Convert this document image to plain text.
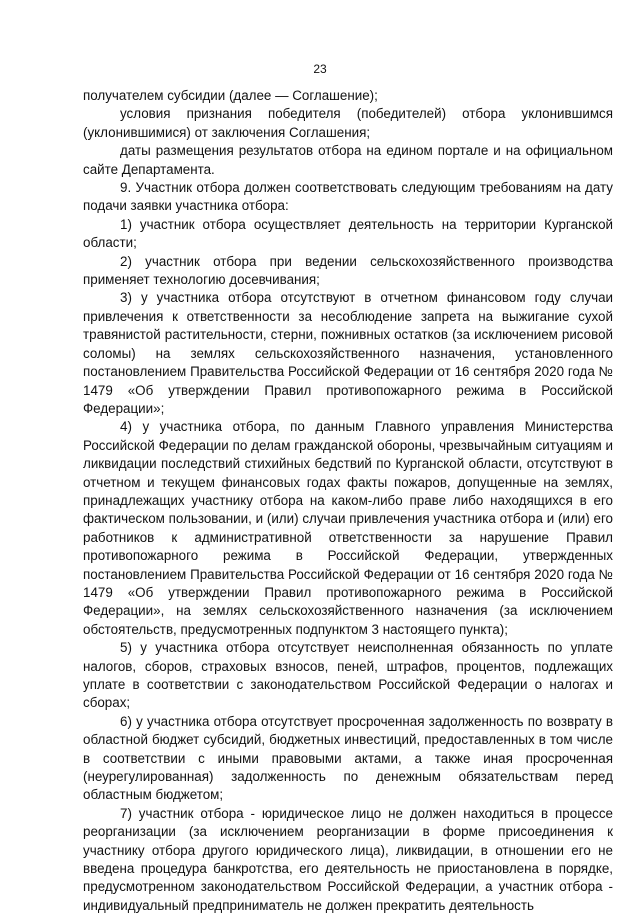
23

получателем субсидии (далее — Соглашение);

условия признания победителя (победителей) отбора уклонившимся (уклонившимися) от заключения Соглашения;

даты размещения результатов отбора на едином портале и на официальном сайте Департамента.

9. Участник отбора должен соответствовать следующим требованиям на дату подачи заявки участника отбора:

1) участник отбора осуществляет деятельность на территории Курганской области;

2) участник отбора при ведении сельскохозяйственного производства применяет технологию досевчивания;

3) у участника отбора отсутствуют в отчетном финансовом году случаи привлечения к ответственности за несоблюдение запрета на выжигание сухой травянистой растительности, стерни, пожнивных остатков (за исключением рисовой соломы) на землях сельскохозяйственного назначения, установленного постановлением Правительства Российской Федерации от 16 сентября 2020 года № 1479 «Об утверждении Правил противопожарного режима в Российской Федерации»;

4) у участника отбора, по данным Главного управления Министерства Российской Федерации по делам гражданской обороны, чрезвычайным ситуациям и ликвидации последствий стихийных бедствий по Курганской области, отсутствуют в отчетном и текущем финансовых годах факты пожаров, допущенные на землях, принадлежащих участнику отбора на каком-либо праве либо находящихся в его фактическом пользовании, и (или) случаи привлечения участника отбора и (или) его работников к административной ответственности за нарушение Правил противопожарного режима в Российской Федерации, утвержденных постановлением Правительства Российской Федерации от 16 сентября 2020 года № 1479 «Об утверждении Правил противопожарного режима в Российской Федерации», на землях сельскохозяйственного назначения (за исключением обстоятельств, предусмотренных подпунктом 3 настоящего пункта);

5) у участника отбора отсутствует неисполненная обязанность по уплате налогов, сборов, страховых взносов, пеней, штрафов, процентов, подлежащих уплате в соответствии с законодательством Российской Федерации о налогах и сборах;

6) у участника отбора отсутствует просроченная задолженность по возврату в областной бюджет субсидий, бюджетных инвестиций, предоставленных в том числе в соответствии с иными правовыми актами, а также иная просроченная (неурегулированная) задолженность по денежным обязательствам перед областным бюджетом;

7) участник отбора - юридическое лицо не должен находиться в процессе реорганизации (за исключением реорганизации в форме присоединения к участнику отбора другого юридического лица), ликвидации, в отношении его не введена процедура банкротства, его деятельность не приостановлена в порядке, предусмотренном законодательством Российской Федерации, а участник отбора - индивидуальный предприниматель не должен прекратить деятельность
